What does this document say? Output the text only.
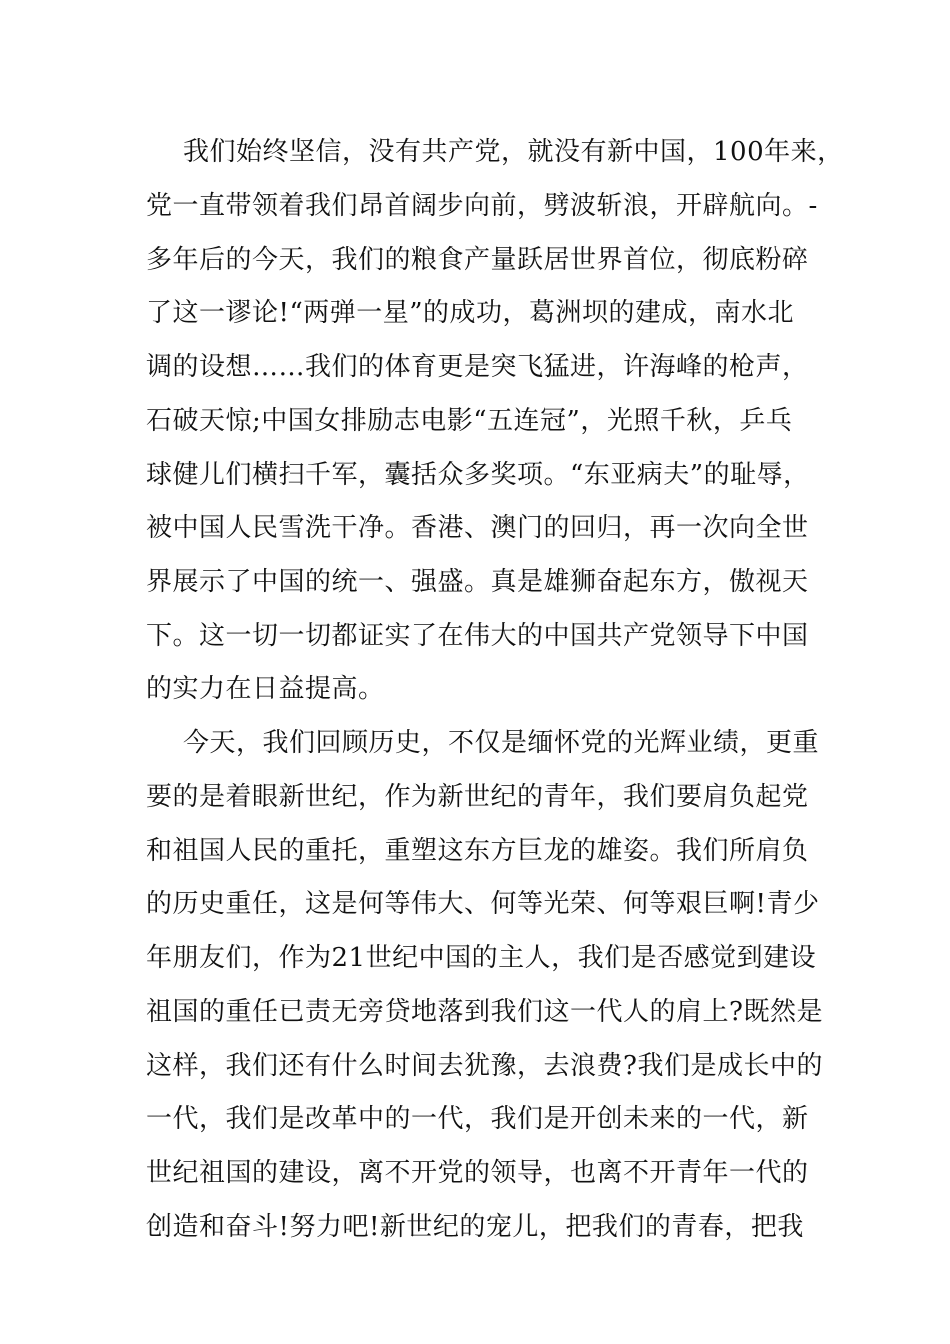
我们始终坚信，没有共产党，就没有新中国，100年来，
党一直带领着我们昂首阔步向前，劈波斩浪，开辟航向。-
多年后的今天，我们的粮食产量跃居世界首位，彻底粉碎
了这一谬论!“两弹一星”的成功，葛洲坝的建成，南水北
调的设想……我们的体育更是突飞猛进，许海峰的枪声，
石破天惊;中国女排励志电影“五连冠”，光照千秋，乒乓
球健儿们横扫千军，囊括众多奖项。“东亚病夫”的耻辱，
被中国人民雪洗干净。香港、澳门的回归，再一次向全世
界展示了中国的统一、强盛。真是雄狮奋起东方，傲视天
下。这一切一切都证实了在伟大的中国共产党领导下中国
的实力在日益提高。
今天，我们回顾历史，不仅是缅怀党的光辉业绩，更重
要的是着眼新世纪，作为新世纪的青年，我们要肩负起党
和祖国人民的重托，重塑这东方巨龙的雄姿。我们所肩负
的历史重任，这是何等伟大、何等光荣、何等艰巨啊!青少
年朋友们，作为21世纪中国的主人，我们是否感觉到建设
祖国的重任已责无旁贷地落到我们这一代人的肩上?既然是
这样，我们还有什么时间去犹豫，去浪费?我们是成长中的
一代，我们是改革中的一代，我们是开创未来的一代，新
世纪祖国的建设，离不开党的领导，也离不开青年一代的
创造和奋斗!努力吧!新世纪的宠儿，把我们的青春，把我
